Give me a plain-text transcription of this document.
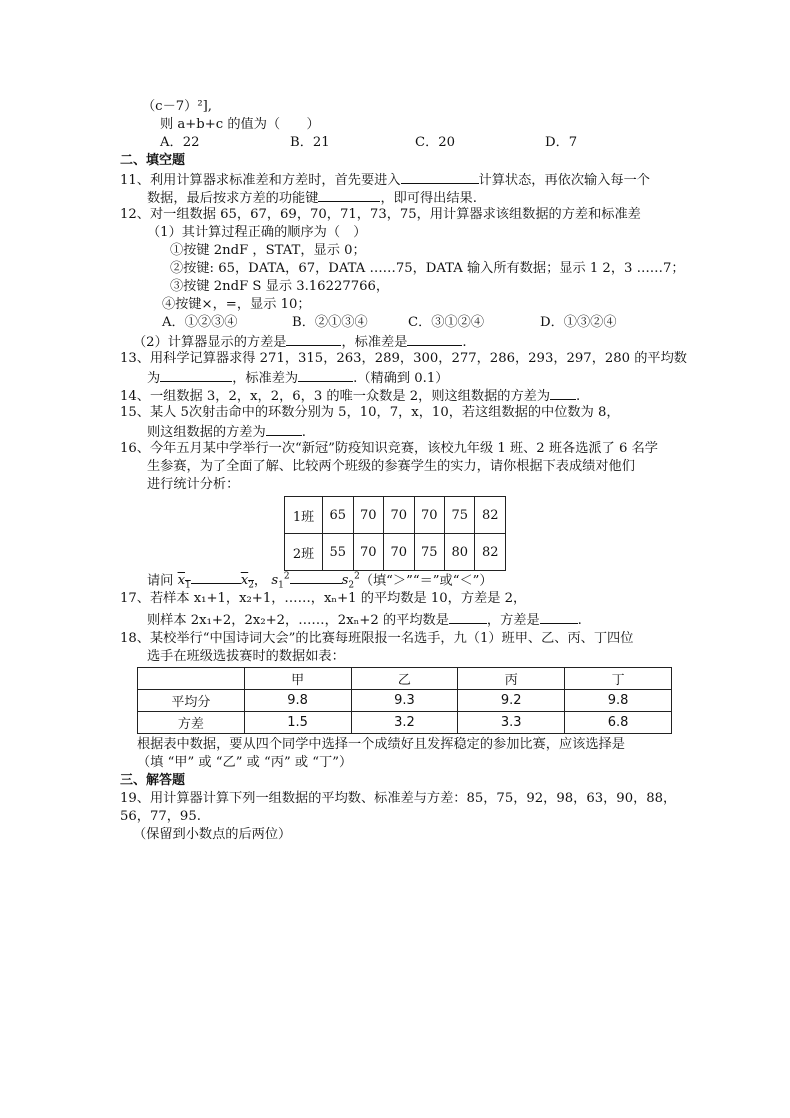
（c－7）²],
则 a+b+c 的值为（　　）
A．22	B．21	C．20	D．7
二、填空题
11、利用计算器求标准差和方差时，首先要进入	计算状态，再依次输入每一个
数据，最后按求方差的功能键	，即可得出结果.
12、对一组数据 65，67，69，70，71，73，75，用计算器求该组数据的方差和标准差
（1）其计算过程正确的顺序为（　）
①按键 2ndF ，STAT，显示 0；
②按键: 65，DATA，67，DATA ……75，DATA 输入所有数据；显示 1 2，3 ……7；
③按键 2ndF S 显示 3.16227766，
④按键×，=，显示 10；
A．①②③④	B．②①③④	C．③①②④	D．①③②④
（2）计算器显示的方差是	，标准差是	.
13、用科学记算器求得 271，315，263，289，300，277，286，293，297，280 的平均数
为	，标准差为	.（精确到 0.1）
14、一组数据 3，2，x，2，6，3 的唯一众数是 2，则这组数据的方差为 .
15、某人 5次射击命中的环数分别为 5，10，7，x，10，若这组数据的中位数为 8，
则这组数据的方差为	.
16、今年五月某中学举行一次“新冠”防疫知识竞赛，该校九年级 1 班、2 班各选派了 6 名学
生参赛，为了全面了解、比较两个班级的参赛学生的实力，请你根据下表成绩对他们
进行统计分析：
1班	65	70	70	70	75	82
2班	55	70	70	75	80	82
请问 $x_1$	$x_2$， $s_1^2$	$s_2^2$（填“＞”“＝”或“＜”）
17、若样本 x₁+1，x₂+1，……，xₙ+1 的平均数是 10，方差是 2，
则样本 2x₁+2，2x₂+2，……，2xₙ+2 的平均数是	，方差是	.
18、某校举行“中国诗词大会”的比赛每班限报一名选手，九（1）班甲、乙、丙、丁四位
选手在班级选拔赛时的数据如表：
	甲	乙	丙	丁
平均分	9.8	9.3	9.2	9.8
方差	1.5	3.2	3.3	6.8
根据表中数据，要从四个同学中选择一个成绩好且发挥稳定的参加比赛，应该选择是
（填 “甲” 或 “乙” 或 “丙” 或 “丁”）
三、解答题
19、用计算器计算下列一组数据的平均数、标准差与方差：85，75，92，98，63，90，88，
56，77，95.
（保留到小数点的后两位）
